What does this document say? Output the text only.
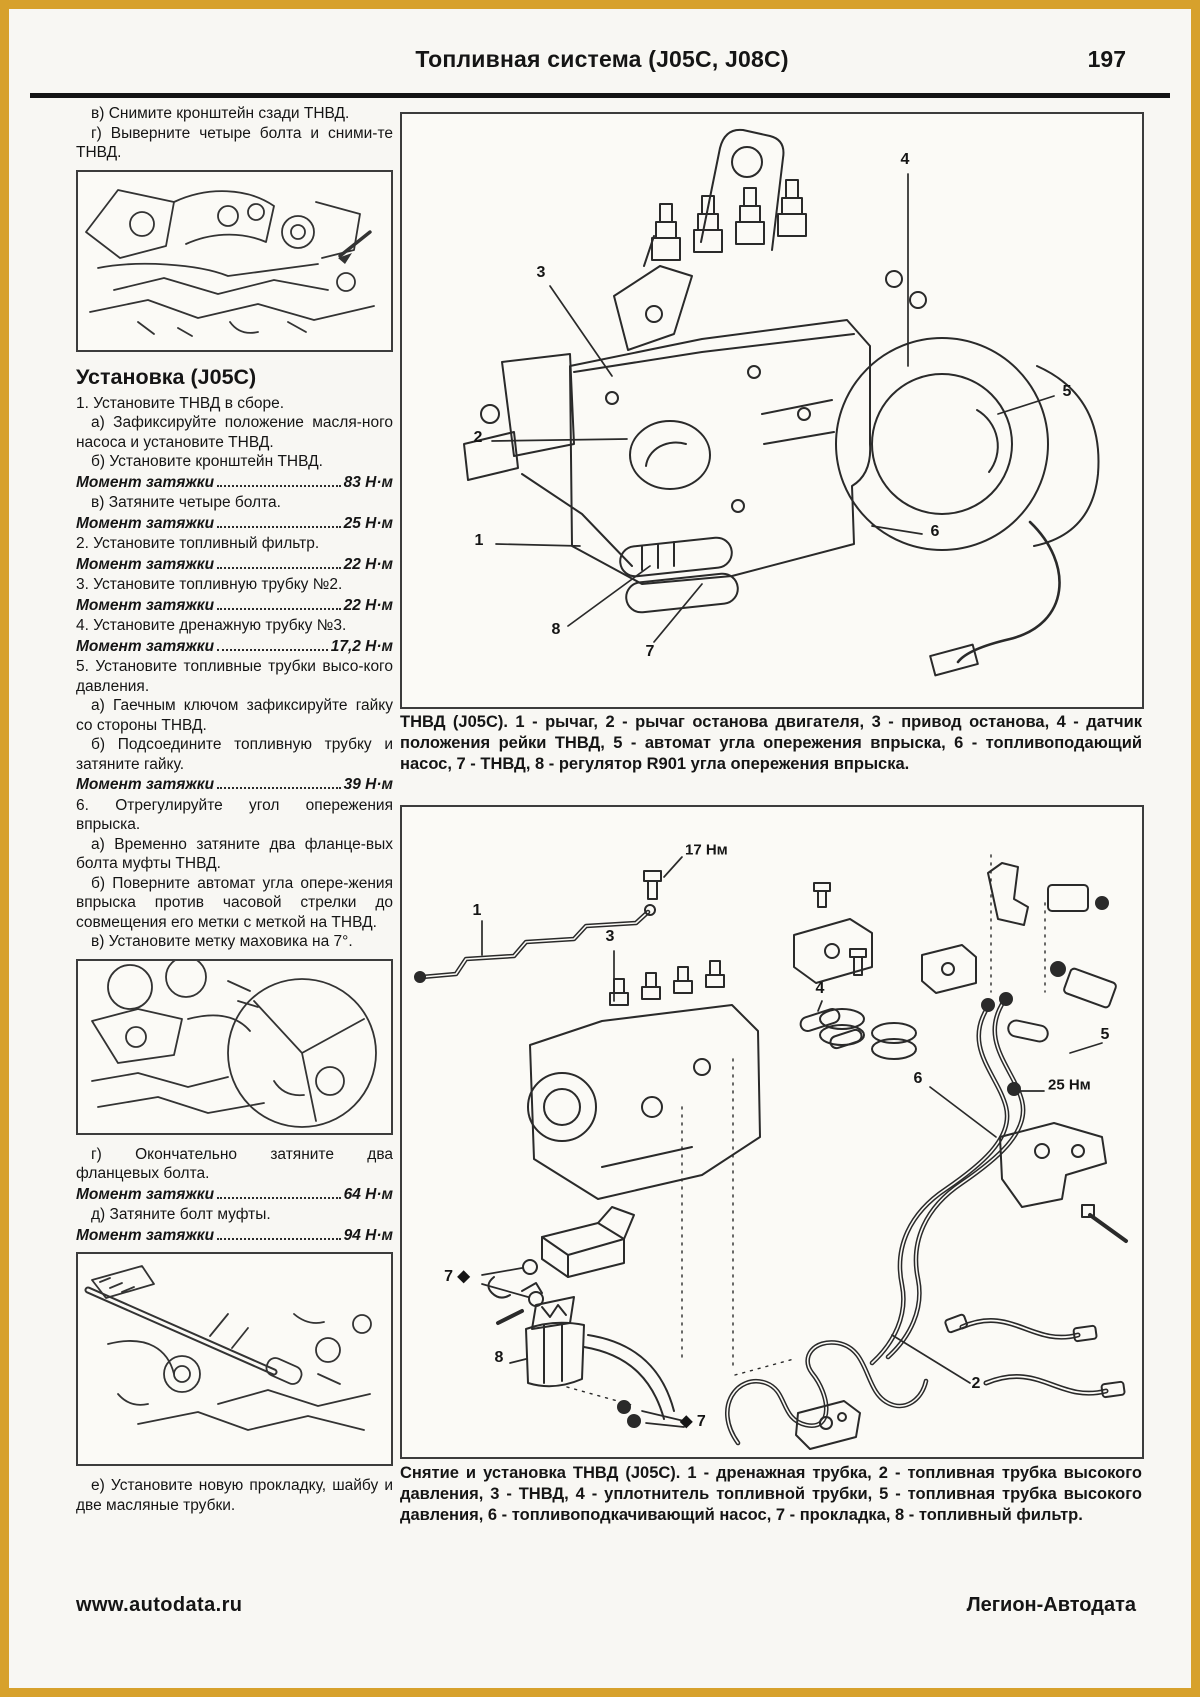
Топливная система (J05C, J08C)	197

в) Снимите кронштейн сзади ТНВД.

г) Выверните четыре болта и сними-те ТНВД.

Установка (J05C)

1. Установите ТНВД в сборе.

а) Зафиксируйте положение масля-ного насоса и установите ТНВД.

б) Установите кронштейн ТНВД.

Момент затяжки	83 Н·м

в) Затяните четыре болта.

Момент затяжки	25 Н·м

2. Установите топливный фильтр.

Момент затяжки	22 Н·м

3. Установите топливную трубку №2.

Момент затяжки	22 Н·м

4. Установите дренажную трубку №3.

Момент затяжки	17,2 Н·м

5. Установите топливные трубки высо-кого давления.

а) Гаечным ключом зафиксируйте гайку со стороны ТНВД.

б) Подсоедините топливную трубку и затяните гайку.

Момент затяжки	39 Н·м

6. Отрегулируйте угол опережения впрыска.

а) Временно затяните два фланце-вых болта муфты ТНВД.

б) Поверните автомат угла опере-жения впрыска против часовой стрелки до совмещения его метки с меткой на ТНВД.

в) Установите метку маховика на 7°.

г) Окончательно затяните два фланцевых болта.

Момент затяжки	64 Н·м

д) Затяните болт муфты.

Момент затяжки	94 Н·м

е) Установите новую прокладку, шайбу и две масляные трубки.

1
2
3
4
5
6
7
8
ТНВД (J05C). 1 - рычаг, 2 - рычаг останова двигателя, 3 - привод останова, 4 - датчик положения рейки ТНВД, 5 - автомат угла опережения впрыска, 6 - топливоподающий насос, 7 - ТНВД, 8 - регулятор R901 угла опережения впрыска.
17 Нм
25 Нм
1
3
4
5
6
8
2
7 ◆
◆ 7
Снятие и установка ТНВД (J05C). 1 - дренажная трубка, 2 - топливная трубка высокого давления, 3 - ТНВД, 4 - уплотнитель топливной трубки, 5 - топливная трубка высокого давления, 6 - топливоподкачивающий насос, 7 - прокладка, 8 - топливный фильтр.
www.autodata.ru	Легион-Автодата
